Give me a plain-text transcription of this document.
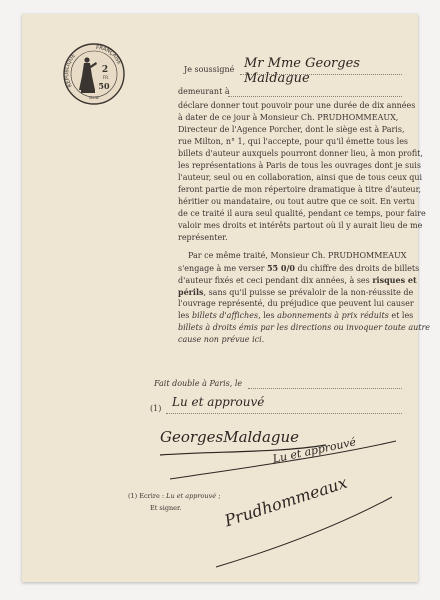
RÉPUBLIQUE
FRANÇAISE
2
FR.
50
SEINE
Je soussigné Mr Mme Georges Maldague
demeurant à
déclare donner tout pouvoir pour une durée de dix années
à dater de ce jour à Monsieur Ch. PRUDHOMMEAUX,
Directeur de l'Agence Porcher, dont le siège est à Paris,
rue Milton, n° 1, qui l'accepte, pour qu'il émette tous les
billets d'auteur auxquels pourront donner lieu, à mon profit,
les représentations à Paris de tous les ouvrages dont je suis
l'auteur, seul ou en collaboration, ainsi que de tous ceux qui
feront partie de mon répertoire dramatique à titre d'auteur,
héritier ou mandataire, ou tout autre que ce soit. En vertu
de ce traité il aura seul qualité, pendant ce temps, pour faire
valoir mes droits et intérêts partout où il y aurait lieu de me
représenter.
Par ce même traité, Monsieur Ch. PRUDHOMMEAUX
s'engage à me verser 55 0/0 du chiffre des droits de billets
d'auteur fixés et ceci pendant dix années, à ses risques et
périls, sans qu'il puisse se prévaloir de la non-réussite de
l'ouvrage représenté, du préjudice que peuvent lui causer
les billets d'affiches, les abonnements à prix réduits et les
billets à droits émis par les directions ou invoquer toute autre
cause non prévue ici.
Fait double à Paris, le
(1) Lu et approuvé
GeorgesMaldague
Lu et approuvé
Prudhommeaux
(1) Ecrire : Lu et approuvé ;
Et signer.
